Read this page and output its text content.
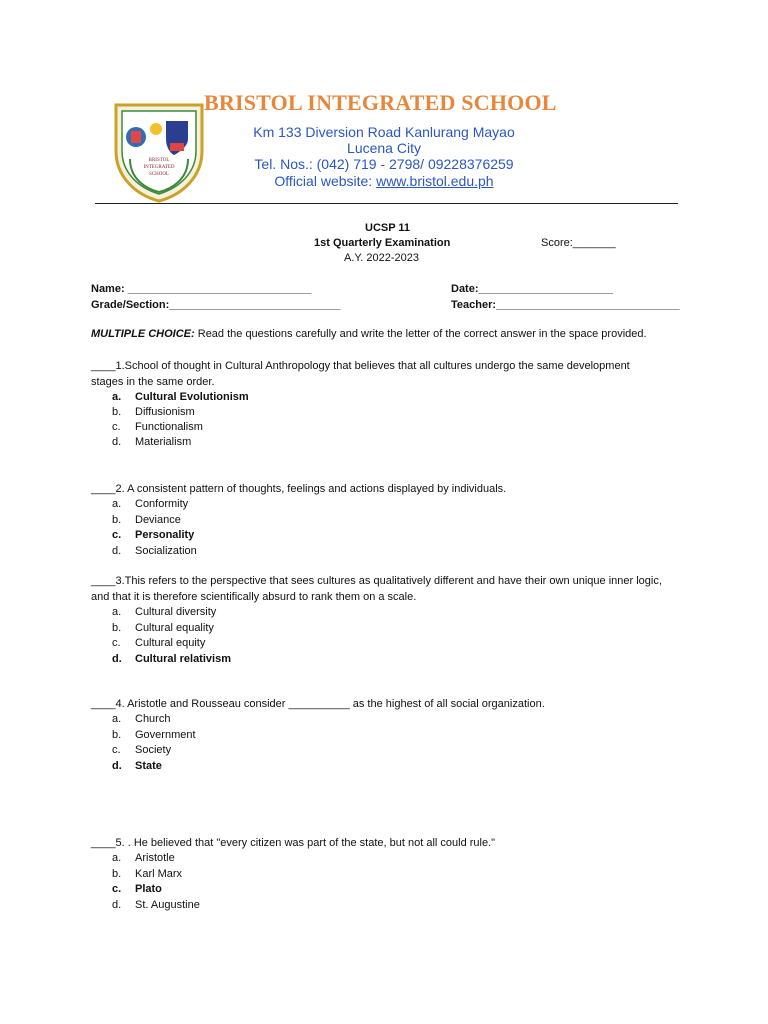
BRISTOL
INTEGRATED
SCHOOL
BRISTOL INTEGRATED SCHOOL
Km 133 Diversion Road Kanlurang Mayao
Lucena City
Tel. Nos.: (042) 719 - 2798/ 09228376259
Official website: www.bristol.edu.ph
UCSP 11
1st Quarterly Examination	Score:_______
A.Y. 2022-2023
Name: ______________________________	Date:______________________
Grade/Section:____________________________	Teacher:______________________________
MULTIPLE CHOICE: Read the questions carefully and write the letter of the correct answer in the space provided.
____1.School of thought in Cultural Anthropology that believes that all cultures undergo the same development
stages in the same order.
a. Cultural Evolutionism
b. Diffusionism
c. Functionalism
d. Materialism
____2. A consistent pattern of thoughts, feelings and actions displayed by individuals.
a. Conformity
b. Deviance
c. Personality
d. Socialization
____3.This refers to the perspective that sees cultures as qualitatively different and have their own unique inner logic,
and that it is therefore scientifically absurd to rank them on a scale.
a. Cultural diversity
b. Cultural equality
c. Cultural equity
d. Cultural relativism
____4. Aristotle and Rousseau consider __________ as the highest of all social organization.
a. Church
b. Government
c. Society
d. State
____5. . He believed that "every citizen was part of the state, but not all could rule."
a. Aristotle
b. Karl Marx
c. Plato
d. St. Augustine
